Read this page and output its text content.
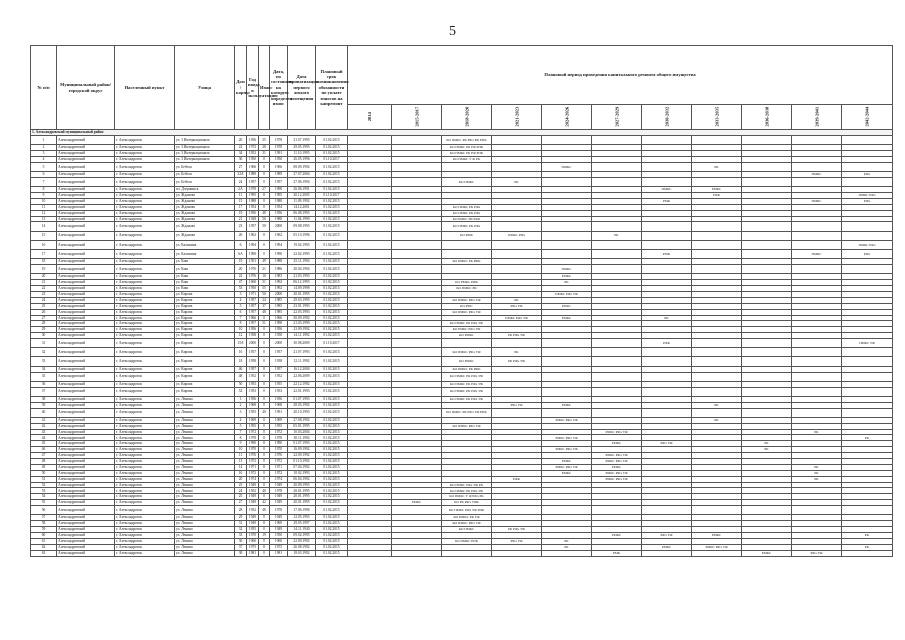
5
№ п/п	Муниципальный район/городской округ	Населенный пункт	Улица	Дом / корпус	Год ввода в эксплуатацию	Износ	Дата, по состоянию на которую определен износ	Дата приватизации первого жилого помещения	Плановый срок возникновения обязанности по уплате взносов на капремонт	Плановый период проведения капитального ремонта общего имущества										
										2014	2015-2017	2018-2020	2021-2023	2024-2026	2027-2029	2030-2032	2033-2035	2036-2038	2039-2041	2042-2044
1. Александровский муниципальный район																				
1	Александровский	г. Александровск	ул. 3 Интернационала	20	1956	35	1978	31.07.1995	01.02.2015			КО ПМКС РК РФч РФ РПК								
2	Александровский	г. Александровск	ул. 3 Интернационала	22	1972	28	1978	29.05.1995	01.02.2015			КО ПМКС РК РФ РПК								
3	Александровский	г. Александровск	ул. 3 Интернационала	34	1952	31	1991	11.10.1995	01.02.2015			КО ПМКС РК РФ РПК								
4	Александровский	г. Александровск	ул. 3 Интернационала	36	1950	0	1950	26.05.1996	01.10.2017			КО ПМКС У Ф РК								
5	Александровский	г. Александровск	ул. Бебеля	27	1966	0	1966	08.09.1992	01.02.2015					ПМКС			РК			
6	Александровский	г. Александровск	ул. Бебеля	32А	1989	0	1989	27.07.2004	01.02.2015										ПМКС	РФч
7	Александровский	г. Александровск	ул. Бебеля	24	1957	0	1957	27.06.1994	01.02.2015			КО ПМКС	РК							
8	Александровский	г. Александровск	пл. Дзержинск	2А	1978	27	1998	26.06.1991	01.02.2015							ПМКС	РМКС			
9	Александровский	г. Александровск	ул. Жданова	11	1995	0	1995	20.12.2005	01.10.2017								РФК			ПМКС РФч
10	Александровский	г. Александровск	ул. Жданова	15	1988	0	1988	11.09.1992	01.02.2015							РМК			ПМКС	РФч
11	Александровский	г. Александровск	ул. Жданова	17	1954	0	1954	14.12.2001	01.02.2015			КО ПМКС РК РФч								
12	Александровский	г. Александровск	ул. Жданова	19	1956	48	1956	06.08.1993	01.02.2015			КО ПМКС РК РФч								
13	Александровский	г. Александровск	ул. Жданова	21	1928	56	1988	11.04.1990	01.02.2015			КО РМКС РК РФК								
14	Александровский	г. Александровск	ул. Жданова	23	1957	50	2000	09.08.1993	01.02.2015			КО ПМКС РК РФч								
15	Александровский	г. Александровск	ул. Жданова	26	1962	0	1962	05.10.1996	01.02.2015			КО РМК	ПМКС РФч		РК					
16	Александровский	г. Александровск	ул. Калинина	6	1994	0	1994	19.02.1993	01.02.2015											ПМКС РФч
17	Александровский	г. Александровск	ул. Калинина	6А	1990	0	1990	22.02.1993	01.02.2015							РМК			ПМКС	РФч
18	Александровский	г. Александровск	ул. Киш	19	1951	49	1988	25.11.1994	01.02.2015			КО ПМКС РК РФК								
19	Александровский	г. Александровск	ул. Киш	20	1976	21	1986	20.04.1994	01.02.2015					ПМКС						
20	Александровский	г. Александровск	ул. Киш	22	1976	16	1983	21.03.1993	01.02.2015					РМКС						
21	Александровский	г. Александровск	ул. Киш	47	1960	31	1992	06.12.1993	01.02.2015			КО РМКС РФК		РК						
22	Александровский	г. Александровск	ул. Киш	53	1950	55	1992	14.09.1998	01.02.2015			КО ПМКС РК								
23	Александровский	г. Александровск	ул. Кирова	3	1971	50	2000	20.01.1995	01.02.2015					ПМКС РФч УФ						
24	Александровский	г. Александровск	ул. Кирова	4	1957	24	1985	29.03.1995	01.02.2015			КО ПМКС РФч УФ	РК							
25	Александровский	г. Александровск	ул. Кирова	5	1957	37	1985	23.01.1993	01.02.2015			КО РМС	РФч УФ	РПКС						
26	Александровский	г. Александровск	ул. Кирова	6	1957	48	1985	22.03.1993	01.02.2015			КО ПМКС РФч УФ								
27	Александровский	г. Александровск	ул. Кирова	7	1966	0	1966	30.09.1992	01.02.2015				ПМКС РФч УФ	РМКС		РК				
28	Александровский	г. Александровск	ул. Кирова	8	1957	51	1998	21.03.1999	01.02.2015			КО ПМКС РК РФч УФ								
29	Александровский	г. Александровск	ул. Кирова	10	1956	0	1956	23.09.1992	01.02.2015			КО РМКС РФч УФ								
30	Александровский	г. Александровск	ул. Кирова	12	1958	0	1958	14.11.1992	01.02.2015			КО РМКС	РК РФч УФ							
31	Александровский	г. Александровск	ул. Кирова	15А	2000	0	2000	30.08.2009	01.10.2017							РФК				ПМКС УФ
32	Александровский	г. Александровск	ул. Кирова	16	1957	0	1957	21.07.1993	01.02.2015			КО ПМКС РФч УФ	РК							
33	Александровский	г. Александровск	ул. Кирова	18	1958	0	1958	12.11.1992	01.02.2015			КО РМКС	РК РФч УФ							
34	Александровский	г. Александровск	ул. Кирова	46	1957	0	1957	16.12.2004	01.02.2015			КО ПМКС РК РФК								
35	Александровский	г. Александровск	ул. Кирова	48	1952	0	1952	22.06.2009	01.02.2015			КО ПМКС РК РФч УФ								
36	Александровский	г. Александровск	ул. Кирова	50	1955	0	1955	22.12.1992	01.02.2015			КО ПМКС РК РФч УФ								
37	Александровский	г. Александровск	ул. Кирова	52	1953	0	1953	22.01.1993	01.02.2015			КО ПМКС РК РФч УФ								
38	Александровский	г. Александровск	ул. Ленина	1	1956	0	1956	01.07.1993	01.02.2015			КО ПМКС РК РФч УФ								
39	Александровский	г. Александровск	ул. Ленина	2	1968	0	1968	28.05.1992	01.02.2015				РФч УФ	РМКС			РК			
40	Александровский	г. Александровск	ул. Ленина	3	1955	40	1991	20.10.1993	01.02.2015			КО ПМКС РК РФч УФ РПК								
41	Александровский	г. Александровск	ул. Ленина	4	1969	0	1969	27.08.1992	01.02.2015					РМКС РФч УФ			РК			
42	Александровский	г. Александровск	ул. Ленина	5	1955	0	1955	05.01.1995	01.02.2015			КО ПМКС РФч УФ								
43	Александровский	г. Александровск	ул. Ленина	7	1972	0	1972	10.03.2004	01.02.2015						РМКС РФч УФ				РК	
44	Александровский	г. Александровск	ул. Ленина	8	1978	0	1978	30.11.1992	01.02.2015					РМКС РФч УФ						РК
45	Александровский	г. Александровск	ул. Ленина	9	1990	0	1990	01.07.1993	01.02.2015						РМКС	РФч УФ		РК		
46	Александровский	г. Александровск	ул. Ленина	10	1970	0	1970	16.09.1992	01.02.2015					РМКС РФч УФ				РК		
47	Александровский	г. Александровск	ул. Ленина	11	1976	0	1976	22.09.1992	01.02.2015						РМКС РФч УФ					
48	Александровский	г. Александровск	ул. Ленина	13	1972	0	1972	01.10.1992	01.02.2015					РМКС	РМКС РФч УФ					
49	Александровский	г. Александровск	ул. Ленина	14	1971	0	1971	07.04.1992	01.02.2015					РМКС РФч УФ	РМКС				РК	
50	Александровский	г. Александровск	ул. Ленина	16	1972	0	1972	10.02.1993	01.02.2015					РМКС	РМКС РФч УФ				РК	
51	Александровский	г. Александровск	ул. Ленина	20	1974	0	1974	06.04.1992	01.02.2015				РФК		РМКС РФч УФ				РК	
52	Александровский	г. Александровск	ул. Ленина	23	1949	0	1949	20.09.1993	01.02.2015			КО ПМКС РФч УФ РК								
53	Александровский	г. Александровск	ул. Ленина	24	1952	40	1978	20.01.1995	01.02.2015			КО ПМКС РК РФч УФ								
54	Александровский	г. Александровск	ул. Ленина	25	1949	0	1949	20.01.1995	01.02.2015			КО ПМКС У Ф РФч РК								
55	Александровский	г. Александровск	ул. Ленина	27	1949	42	1949	20.01.1995	01.02.2015		РМКС	КО РК РФч УФК								
56	Александровский	г. Александровск	ул. Ленина	28	1952	48	1978	17.06.1996	01.02.2015			КО ПМКС РФч УФ РПК								
57	Александровский	г. Александровск	ул. Ленина	29	1949	0	1949	12.05.1993	01.02.2015			КО ПМКС РК УФ								
58	Александровский	г. Александровск	ул. Ленина	31	1949	0	1969	29.05.1997	01.02.2015			КО ПМКС РФч УФ								
59	Александровский	г. Александровск	ул. Ленина	32	1955	0	1949	14.11.1940	01.02.2015			КО ПМКС	РК РФч УФ							
60	Александровский	г. Александровск	ул. Ленина	33	1970	19	1950	09.02.1995	01.02.2015						РМКС	РФч УФ	РМКС			РК
61	Александровский	г. Александровск	ул. Ленина	36	1960	0	1960	22.09.1992	01.02.2015			КО ПМКС РПК	РФч УФ	РК						
62	Александровский	г. Александровск	ул. Ленина	37	1975	0	1975	26.08.1992	01.02.2015					РК		РМКС	РМКС РФч УФ			РК
63	Александровский	г. Александровск	ул. Ленина	38	1981	0	1981	18.03.1992	01.02.2015						РМК			РМКС	РФч УФ	
